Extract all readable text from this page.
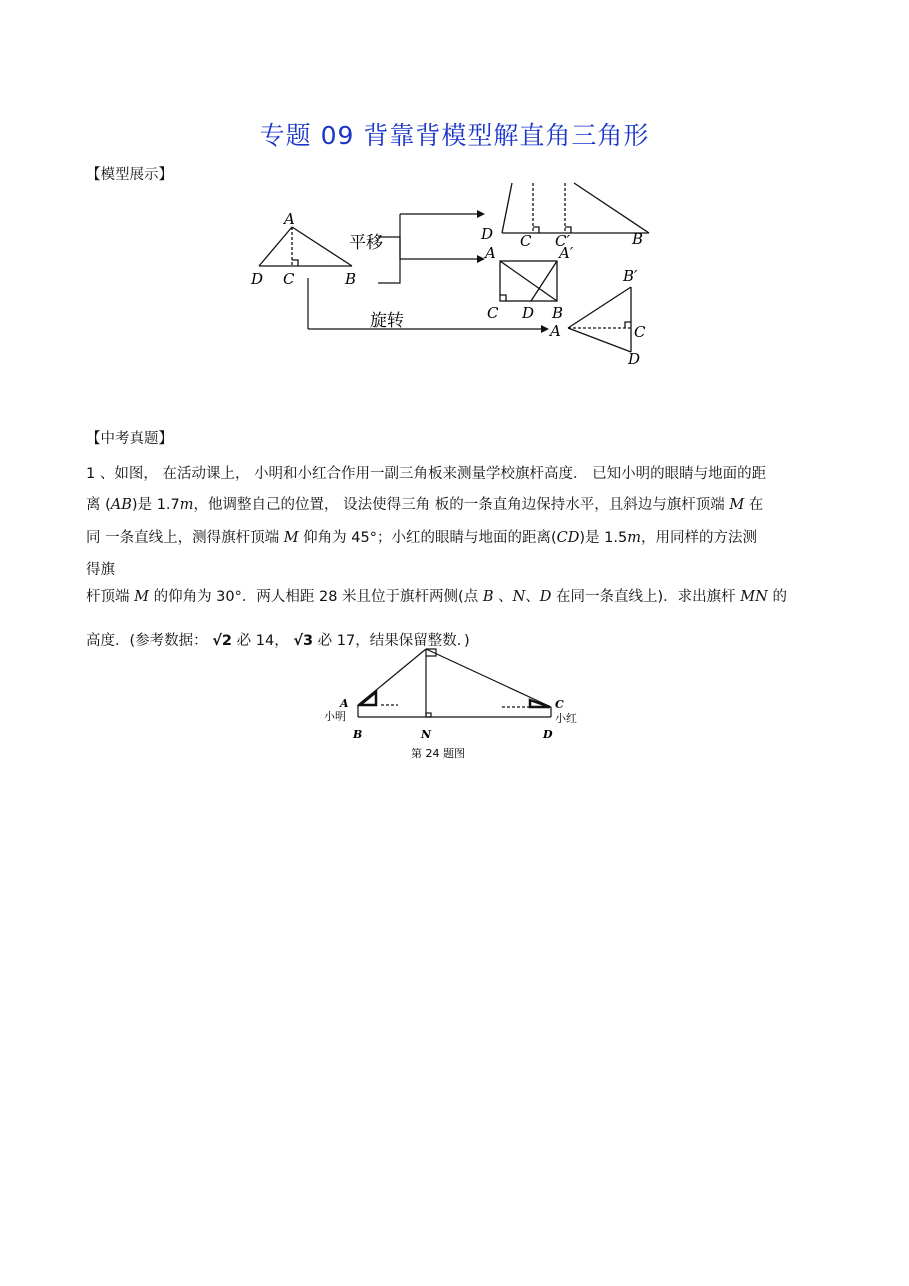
专题 09 背靠背模型解直角三角形
【模型展示】
A
D C	B
平移
旋转
D C C′	B
A	A′
C D B
B′
A	C
D
【中考真题】
1 、如图， 在活动课上， 小明和小红合作用一副三角板来测量学校旗杆高度． 已知小明的眼睛与地面的距
离 (AB)是 1.7m，他调整自己的位置， 设法使得三角 板的一条直角边保持水平，且斜边与旗杆顶端 M 在
同 一条直线上，测得旗杆顶端 M 仰角为 45°；小红的眼睛与地面的距离(CD)是 1.5m，用同样的方法测
得旗
杆顶端 M 的仰角为 30°．两人相距 28 米且位于旗杆两侧(点 B 、N、D 在同一条直线上)．求出旗杆 MN 的
高度．(参考数据： √2 必 14， √3 必 17，结果保留整数．)
A
小明
B	N
C
小红
D
第 24 题图
